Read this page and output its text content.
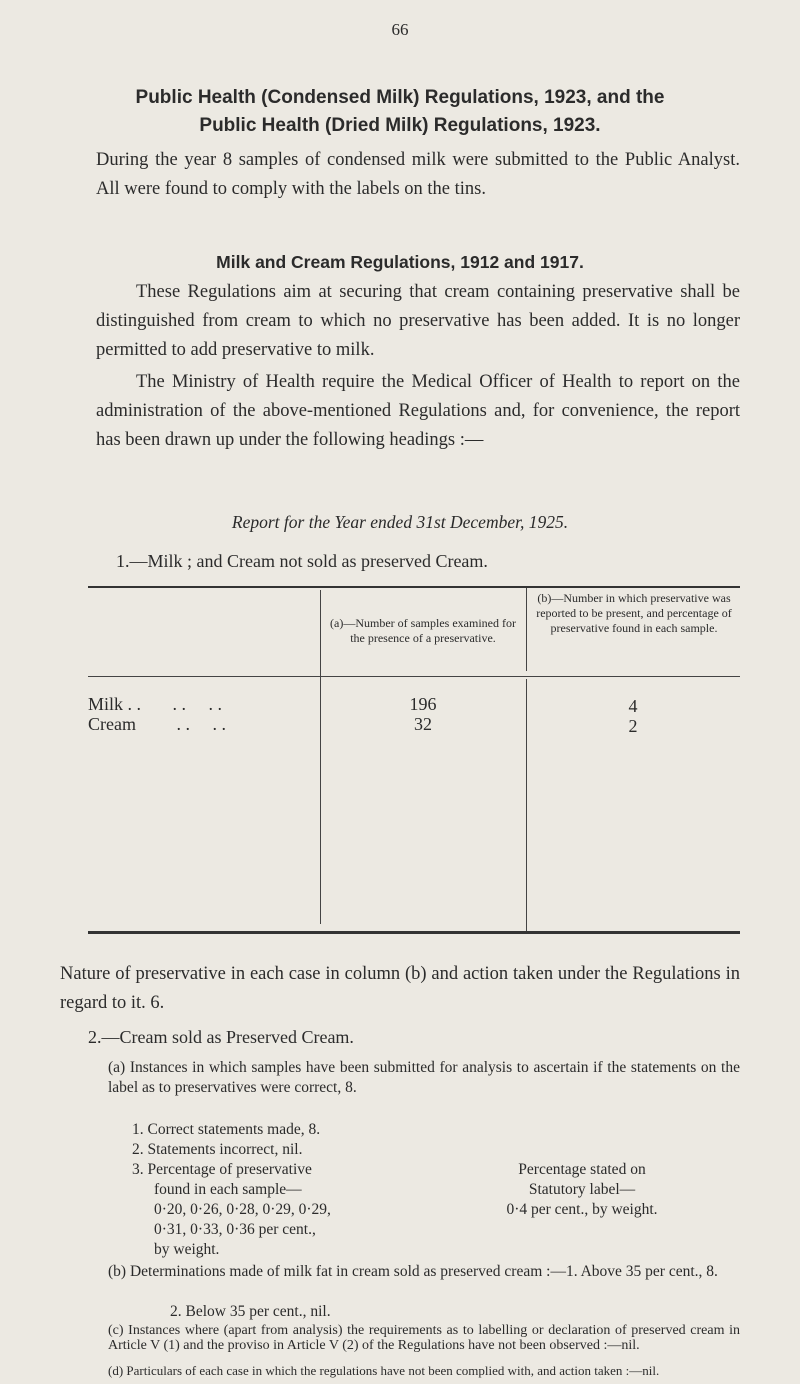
66
Public Health (Condensed Milk) Regulations, 1923, and the
Public Health (Dried Milk) Regulations, 1923.
During the year 8 samples of condensed milk were submitted to the Public Analyst. All were found to comply with the labels on the tins.
Milk and Cream Regulations, 1912 and 1917.
These Regulations aim at securing that cream containing preservative shall be distinguished from cream to which no preservative has been added. It is no longer permitted to add preservative to milk.
The Ministry of Health require the Medical Officer of Health to report on the administration of the above-mentioned Regulations and, for convenience, the report has been drawn up under the following headings :—
Report for the Year ended 31st December, 1925.
1.—Milk ; and Cream not sold as preserved Cream.
(a)—Number of samples examined for the presence of a preservative.
(b)—Number in which preservative was reported to be present, and percentage of preservative found in each sample.
Milk . .       . .     . .	196	4
Cream         . .     . .	32	2
Nature of preservative in each case in column (b) and action taken under the Regulations in regard to it. 6.
2.—Cream sold as Preserved Cream.
(a) Instances in which samples have been submitted for analysis to ascertain if the statements on the label as to preservatives were correct, 8.
1. Correct statements made, 8.
2. Statements incorrect, nil.
3. Percentage of preservative
found in each sample—
0·20, 0·26, 0·28, 0·29, 0·29,
0·31, 0·33, 0·36 per cent.,
by weight.
Percentage stated on
Statutory label—
0·4 per cent., by weight.
(b) Determinations made of milk fat in cream sold as preserved cream :—1. Above 35 per cent., 8.
2. Below 35 per cent., nil.
(c) Instances where (apart from analysis) the requirements as to labelling or declaration of preserved cream in Article V (1) and the proviso in Article V (2) of the Regulations have not been observed :—nil.
(d) Particulars of each case in which the regulations have not been complied with, and action taken :—nil.
